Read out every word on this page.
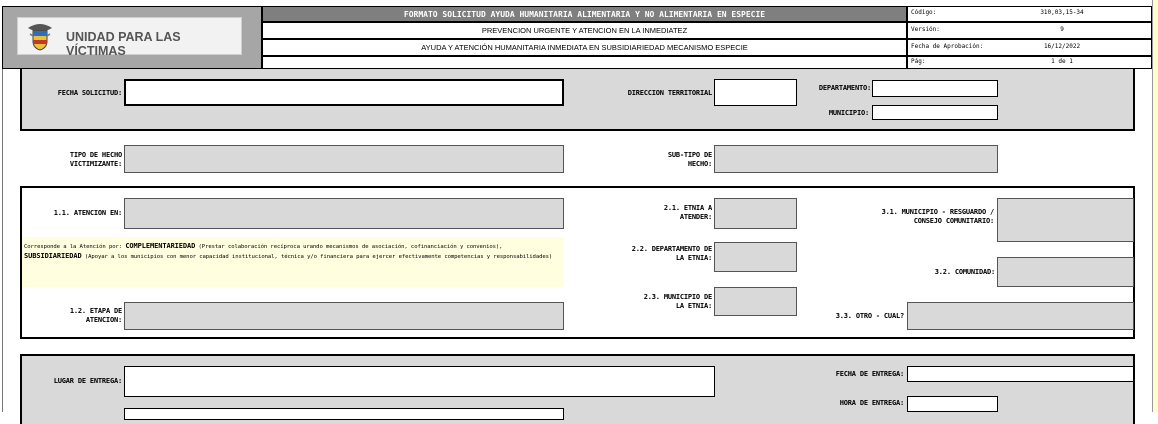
UNIDAD PARA LAS VÍCTIMAS
FORMATO SOLICITUD AYUDA HUMANITARIA ALIMENTARIA Y NO ALIMENTARIA EN ESPECIE
PREVENCION URGENTE Y ATENCION EN LA INMEDIATEZ
AYUDA Y ATENCIÓN HUMANITARIA INMEDIATA EN SUBSIDIARIEDAD MECANISMO ESPECIE
Código:	310,03,15-34
Versión:	9
Fecha de Aprobación:	16/12/2022
Pág:	1 de 1
FECHA SOLICITUD:	DIRECCION TERRITORIAL
DEPARTAMENTO:
MUNICIPIO:
TIPO DE HECHO VICTIMIZANTE:
SUB-TIPO DE HECHO:
1.1. ATENCION EN:
Corresponde a la Atención por: COMPLEMENTARIEDAD (Prestar colaboración recíproca urando mecanismos de asociación, cofinanciación y convenios), SUBSIDIARIEDAD (Apoyar a los municipios con menor capacidad institucional, técnica y/o financiera para ejercer efectivamente competencias y responsabilidades)
1.2. ETAPA DE ATENCION:
2.1. ETNIA A ATENDER:
2.2. DEPARTAMENTO DE LA ETNIA:
2.3. MUNICIPIO DE LA ETNIA:
3.1. MUNICIPIO - RESGUARDO / CONSEJO COMUNITARIO:
3.2. COMUNIDAD:
3.3. OTRO - CUAL?
LUGAR DE ENTREGA:
FECHA DE ENTREGA:
HORA DE ENTREGA:
